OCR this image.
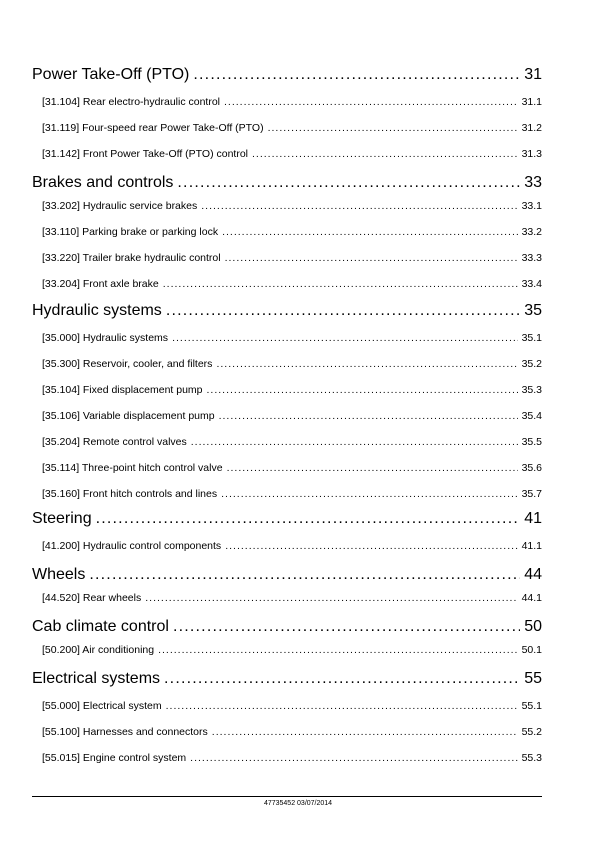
Power Take-Off (PTO) .....	31
[31.104] Rear electro-hydraulic control .....	31.1
[31.119] Four-speed rear Power Take-Off (PTO) .....	31.2
[31.142] Front Power Take-Off (PTO) control .....	31.3
Brakes and controls .....	33
[33.202] Hydraulic service brakes .....	33.1
[33.110] Parking brake or parking lock .....	33.2
[33.220] Trailer brake hydraulic control .....	33.3
[33.204] Front axle brake .....	33.4
Hydraulic systems .....	35
[35.000] Hydraulic systems .....	35.1
[35.300] Reservoir, cooler, and filters .....	35.2
[35.104] Fixed displacement pump .....	35.3
[35.106] Variable displacement pump .....	35.4
[35.204] Remote control valves .....	35.5
[35.114] Three-point hitch control valve .....	35.6
[35.160] Front hitch controls and lines .....	35.7
Steering .....	41
[41.200] Hydraulic control components .....	41.1
Wheels .....	44
[44.520] Rear wheels .....	44.1
Cab climate control .....	50
[50.200] Air conditioning .....	50.1
Electrical systems .....	55
[55.000] Electrical system .....	55.1
[55.100] Harnesses and connectors .....	55.2
[55.015] Engine control system .....	55.3
47735452 03/07/2014
